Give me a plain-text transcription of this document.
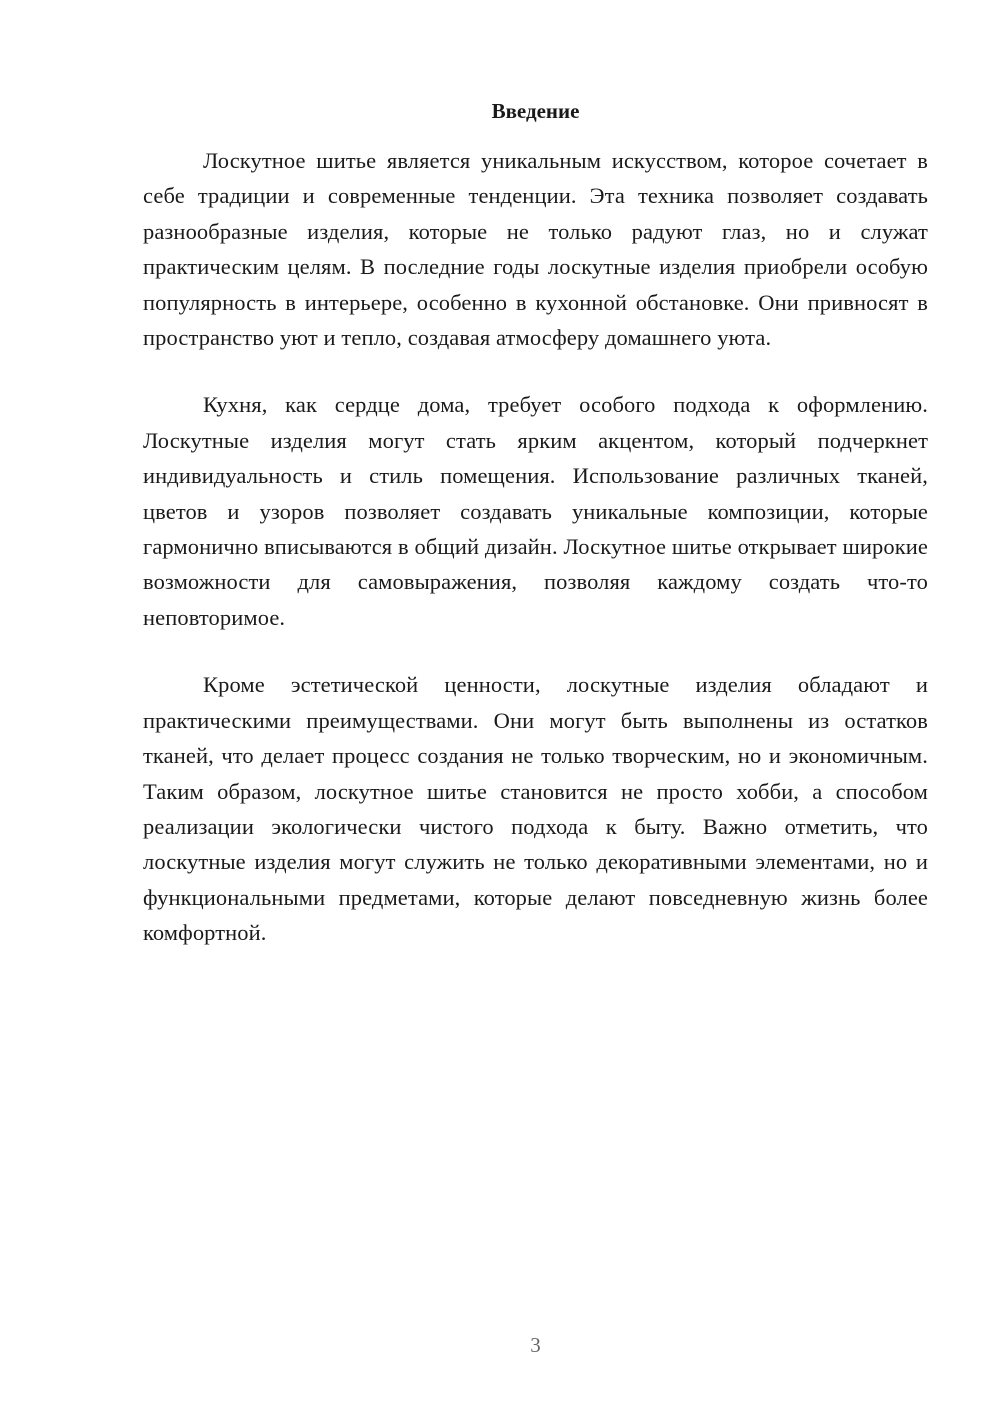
Введение

Лоскутное шитье является уникальным искусством, которое сочетает в себе традиции и современные тенденции. Эта техника позволяет создавать разнообразные изделия, которые не только радуют глаз, но и служат практическим целям. В последние годы лоскутные изделия приобрели особую популярность в интерьере, особенно в кухонной обстановке. Они привносят в пространство уют и тепло, создавая атмосферу домашнего уюта.

Кухня, как сердце дома, требует особого подхода к оформлению. Лоскутные изделия могут стать ярким акцентом, который подчеркнет индивидуальность и стиль помещения. Использование различных тканей, цветов и узоров позволяет создавать уникальные композиции, которые гармонично вписываются в общий дизайн. Лоскутное шитье открывает широкие возможности для самовыражения, позволяя каждому создать что-то неповторимое.

Кроме эстетической ценности, лоскутные изделия обладают и практическими преимуществами. Они могут быть выполнены из остатков тканей, что делает процесс создания не только творческим, но и экономичным. Таким образом, лоскутное шитье становится не просто хобби, а способом реализации экологически чистого подхода к быту. Важно отметить, что лоскутные изделия могут служить не только декоративными элементами, но и функциональными предметами, которые делают повседневную жизнь более комфортной.

3
